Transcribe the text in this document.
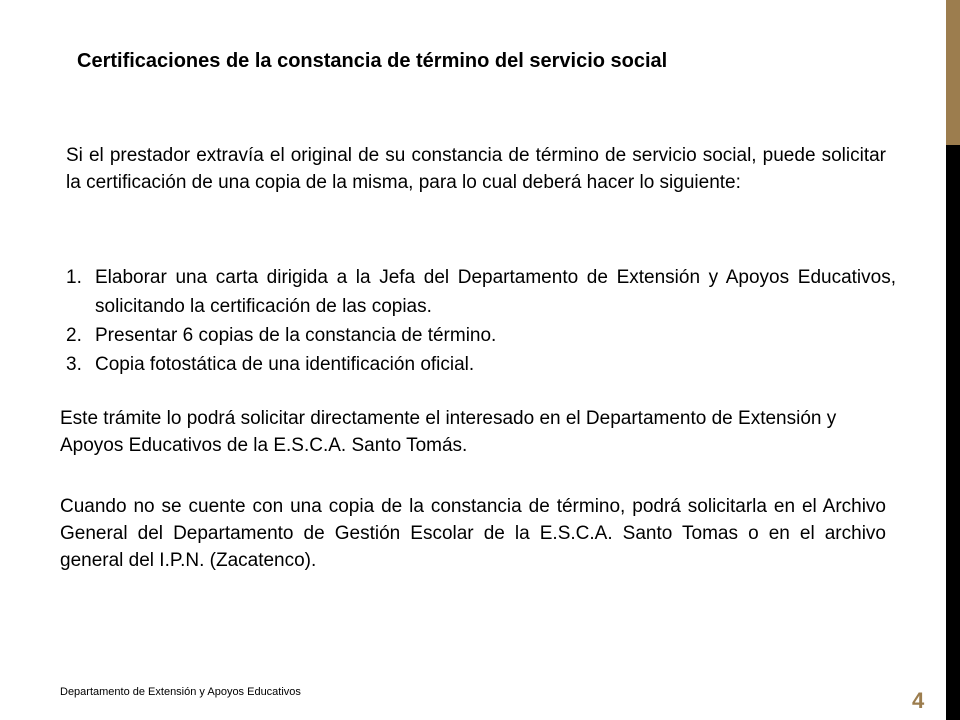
Certificaciones de la constancia de término del servicio social

Si el prestador extravía el original de su constancia de término de servicio social, puede solicitar la certificación de una copia de la misma, para lo cual deberá hacer lo siguiente:

1. Elaborar una carta dirigida a la Jefa del Departamento de Extensión y Apoyos Educativos, solicitando la certificación de las copias.
2. Presentar 6 copias de la constancia de término.
3. Copia fotostática de una identificación oficial.

Este trámite lo podrá solicitar directamente el interesado en el Departamento de Extensión y Apoyos Educativos de la E.S.C.A. Santo Tomás.

Cuando no se cuente con una copia de la constancia de término, podrá solicitarla en el Archivo General del Departamento de Gestión Escolar de la E.S.C.A. Santo Tomas o en el archivo general del I.P.N. (Zacatenco).

Departamento de Extensión y Apoyos Educativos	4
